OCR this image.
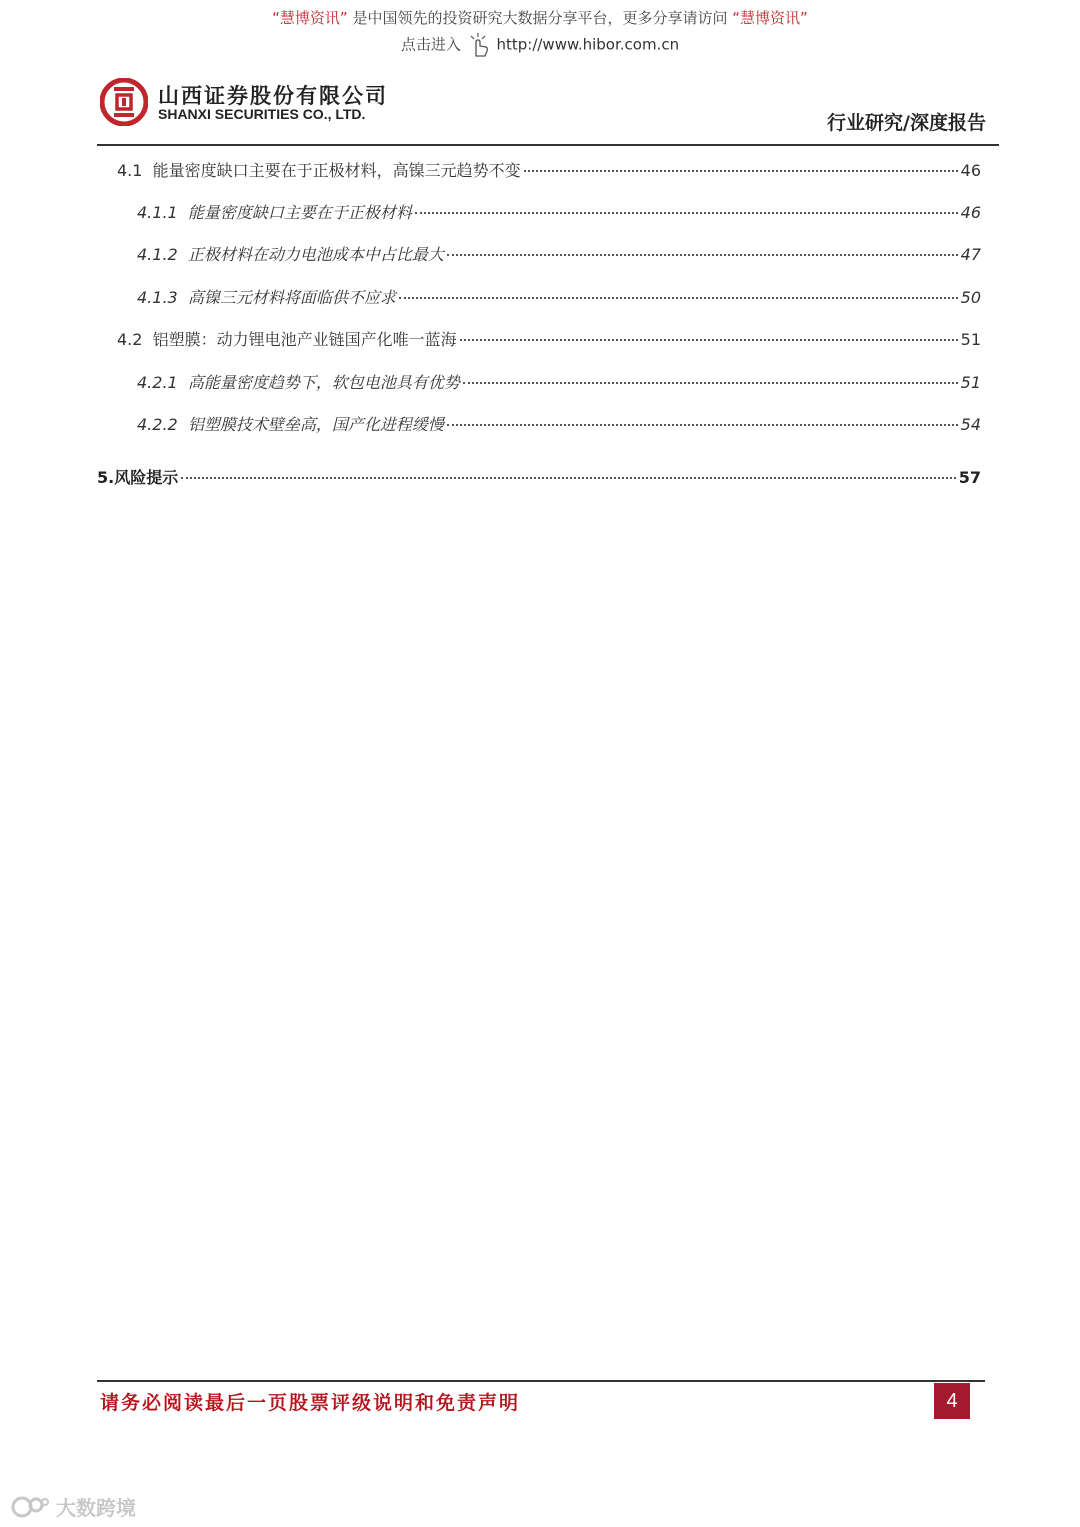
“慧博资讯” 是中国领先的投资研究大数据分享平台，更多分享请访问 “慧博资讯”
点击进入 http://www.hibor.com.cn
山西证券股份有限公司
SHANXI SECURITIES CO., LTD.	行业研究/深度报告
4.1 能量密度缺口主要在于正极材料，高镍三元趋势不变	46
4.1.1 能量密度缺口主要在于正极材料	46
4.1.2 正极材料在动力电池成本中占比最大	47
4.1.3 高镍三元材料将面临供不应求	50
4.2 铝塑膜：动力锂电池产业链国产化唯一蓝海	51
4.2.1 高能量密度趋势下，软包电池具有优势	51
4.2.2 铝塑膜技术壁垒高，国产化进程缓慢	54
5. 风险提示	57
请务必阅读最后一页股票评级说明和免责声明	4
大数跨境
